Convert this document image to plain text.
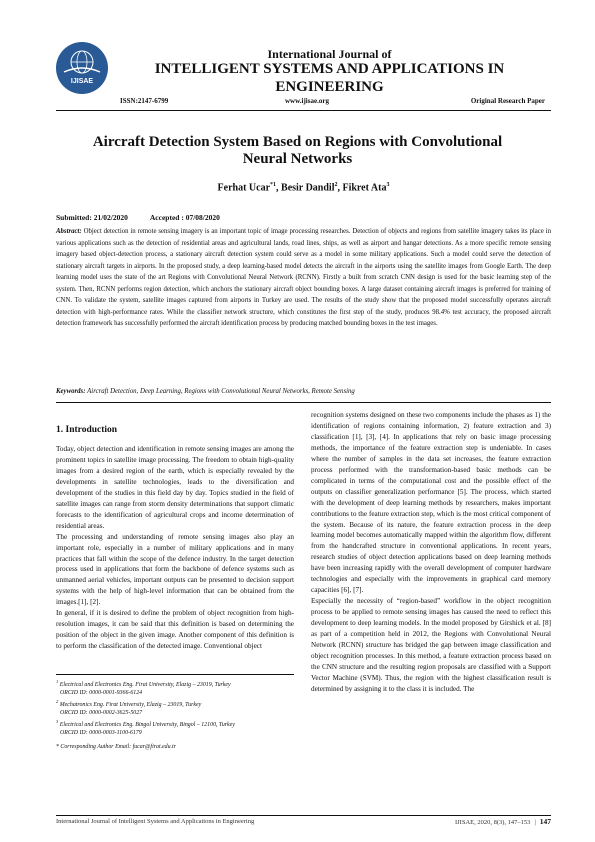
IJISAE
International Journal of
INTELLIGENT SYSTEMS AND APPLICATIONS IN ENGINEERING
ISSN:2147-6799	www.ijisae.org	Original Research Paper
Aircraft Detection System Based on Regions with Convolutional Neural Networks
Ferhat Ucar$^{*1}$, Besir Dandil$^2$, Fikret Ata$^3$
Submitted: 21/02/2020	Accepted : 07/08/2020
Abstract: Object detection in remote sensing imagery is an important topic of image processing researches. Detection of objects and regions from satellite imagery takes its place in various applications such as the detection of residential areas and agricultural lands, road lines, ships, as well as airport and hangar detections. As a more specific remote sensing imagery based object-detection process, a stationary aircraft detection system could serve as a model in some military applications. Such a model could serve the detection of stationary aircraft targets in airports. In the proposed study, a deep learning-based model detects the aircraft in the airports using the satellite images from Google Earth. The deep learning model uses the state of the art Regions with Convolutional Neural Network (RCNN). Firstly a built from scratch CNN design is used for the basic learning step of the system. Then, RCNN performs region detection, which anchors the stationary aircraft object bounding boxes. A large dataset containing aircraft images is preferred for training of CNN. To validate the system, satellite images captured from airports in Turkey are used. The results of the study show that the proposed model successfully operates aircraft detection with high-performance rates. While the classifier network structure, which constitutes the first step of the study, produces 98.4% test accuracy, the proposed aircraft detection framework has successfully performed the aircraft identification process by producing matched bounding boxes in the test images.
Keywords: Aircraft Detection, Deep Learning, Regions with Convolutional Neural Networks, Remote Sensing
1. Introduction

Today, object detection and identification in remote sensing images are among the prominent topics in satellite image processing. The freedom to obtain high-quality images from a desired region of the earth, which is especially revealed by the developments in satellite technologies, leads to the diversification and development of the studies in this field day by day. Topics studied in the field of satellite images can range from storm density determinations that support climatic forecasts to the identification of agricultural crops and income determination of residential areas.

The processing and understanding of remote sensing images also play an important role, especially in a number of military applications and in many practices that fall within the scope of the defence industry. In the target detection process used in applications that form the backbone of defence systems such as unmanned aerial vehicles, important outputs can be presented to decision support systems with the help of high-level information that can be obtained from the images.[1], [2].

In general, if it is desired to define the problem of object recognition from high-resolution images, it can be said that this definition is based on determining the position of the object in the given image. Another component of this definition is to perform the classification of the detected image. Conventional object

$^1$ Electrical and Electronics Eng. Firat University, Elazig – 23019, Turkey
ORCID ID: 0000-0001-9366-6124
$^2$ Mechatronics Eng. Firat University, Elazig – 23019, Turkey
ORCID ID: 0000-0002-3625-5027
$^3$ Electrical and Electronics Eng. Bingol University, Bingol – 12100, Turkey
ORCID ID: 0000-0003-1100-6179
* Corresponding Author Email: fucar@firat.edu.tr

recognition systems designed on these two components include the phases as 1) the identification of regions containing information, 2) feature extraction and 3) classification [1], [3], [4]. In applications that rely on basic image processing methods, the importance of the feature extraction step is undeniable. In cases where the number of samples in the data set increases, the feature extraction process performed with the transformation-based basic methods can be complicated in terms of the computational cost and the possible effect of the outputs on classifier generalization performance [5]. The process, which started with the development of deep learning methods by researchers, makes important contributions to the feature extraction step, which is the most critical component of the system. Because of its nature, the feature extraction process in the deep learning model becomes automatically mapped within the algorithm flow, different from the handcrafted structure in conventional applications. In recent years, research studies of object detection applications based on deep learning methods have been increasing rapidly with the overall development of computer hardware technologies and especially with the improvements in graphical card memory capacities [6], [7].

Especially the necessity of “region-based” workflow in the object recognition process to be applied to remote sensing images has caused the need to reflect this development to deep learning models. In the model proposed by Girshick et al. [8] as part of a competition held in 2012, the Regions with Convolutional Neural Network (RCNN) structure has bridged the gap between image classification and object recognition processes. In this method, a feature extraction process based on the CNN structure and the resulting region proposals are classified with a Support Vector Machine (SVM). Thus, the region with the highest classification result is determined by assigning it to the class it is included. The

International Journal of Intelligent Systems and Applications in Engineering	IJISAE, 2020, 8(3), 147–153 | 147
